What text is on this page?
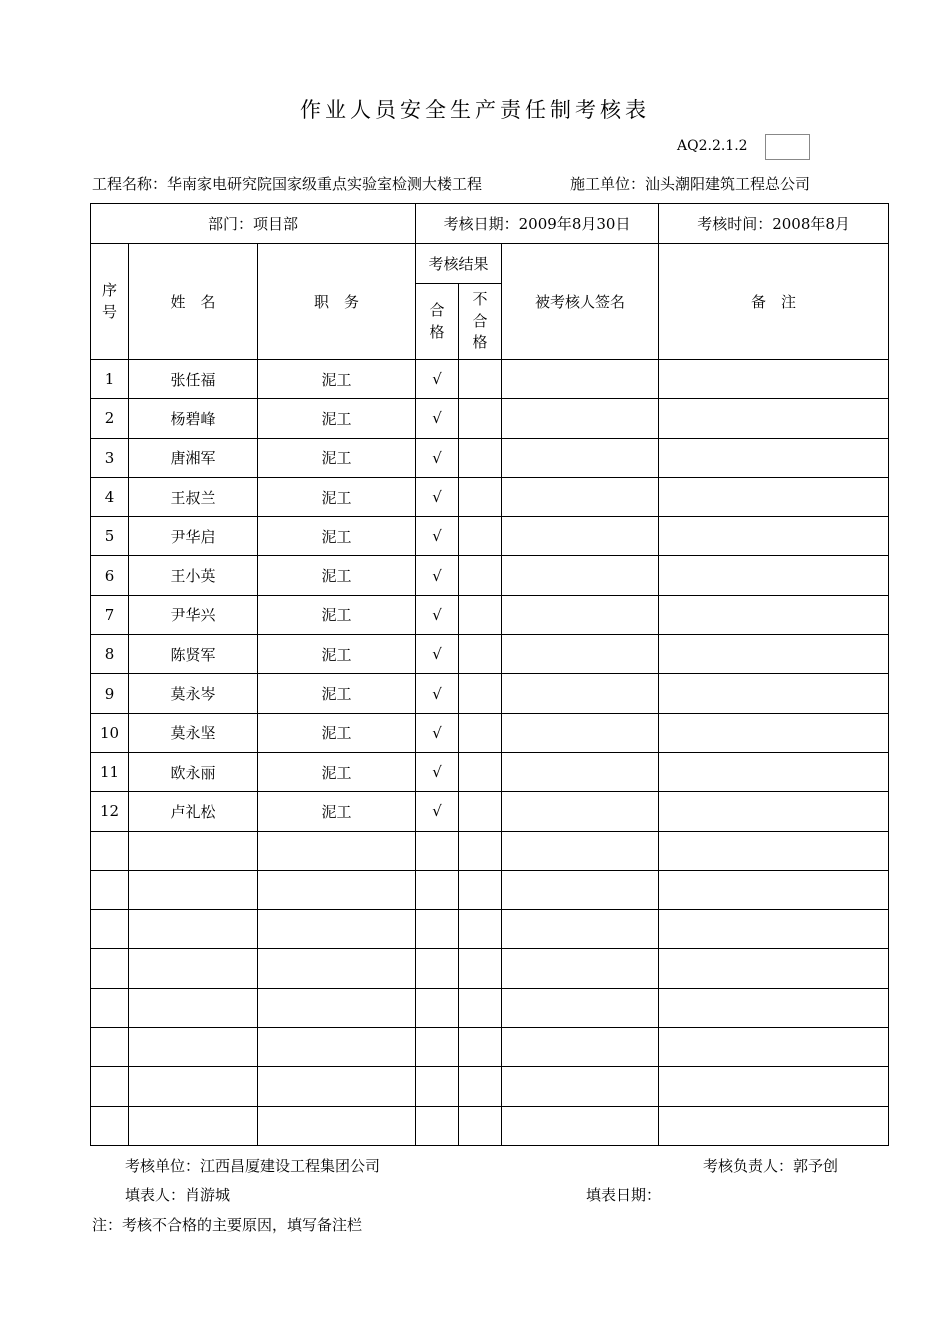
作业人员安全生产责任制考核表
AQ2.2.1.2
工程名称：华南家电研究院国家级重点实验室检测大楼工程	施工单位：汕头潮阳建筑工程总公司
部门：项目部			考核日期：2009年8月30日			考核时间：2008年8月
序号	姓　名	职　务	考核结果		被考核人签名	备　注
			合格	不合格		
1	张任福	泥工	√			
2	杨碧峰	泥工	√			
3	唐湘军	泥工	√			
4	王叔兰	泥工	√			
5	尹华启	泥工	√			
6	王小英	泥工	√			
7	尹华兴	泥工	√			
8	陈贤军	泥工	√			
9	莫永岑	泥工	√			
10	莫永坚	泥工	√			
11	欧永丽	泥工	√			
12	卢礼松	泥工	√			

考核单位：江西昌厦建设工程集团公司	考核负责人：郭予创
填表人：肖游城	填表日期：
注：考核不合格的主要原因，填写备注栏
